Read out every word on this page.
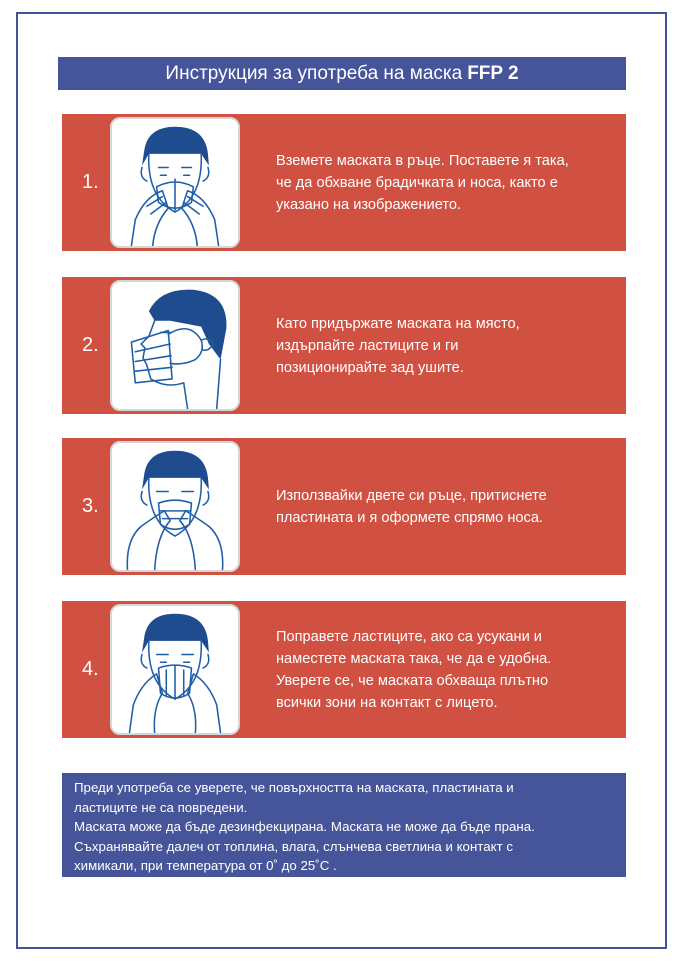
Инструкция за употреба на маска FFP 2
1.
Вземете маската в ръце. Поставете я така,
че да обхване брадичката и носа, както е
указано на изображението.
2.
Като придържате маската на място,
издърпайте ластиците и ги
позиционирайте зад ушите.
3.	Използвайки двете си ръце, притиснете
пластината и я оформете спрямо носа.
4.
Поправете ластиците, ако са усукани и
наместете маската така, че да е удобна.
Уверете се, че маската обхваща плътно
всички зони на контакт с лицето.
Преди употреба се уверете, че повърхността на маската, пластината и
ластиците не са повредени.
Маската може да бъде дезинфекцирана. Маската не може да бъде прана.
Съхранявайте далеч от топлина, влага, слънчева светлина и контакт с
химикали, при температура от 0˚ до 25˚С .
